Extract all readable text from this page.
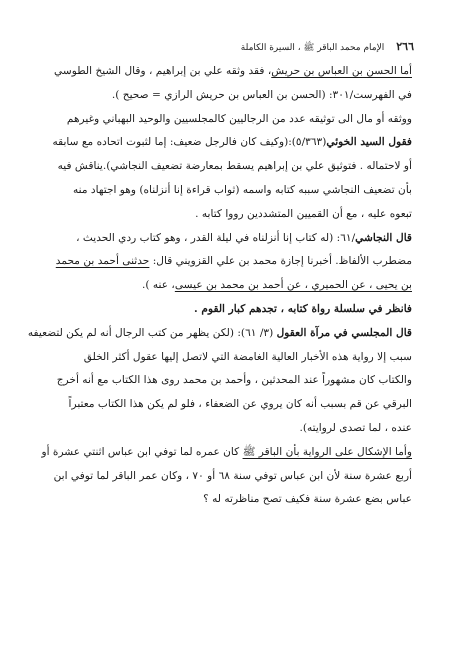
٢٦٦
الإمام محمد الباقر ﷺ ، السيرة الكاملة
أما الحسن بن العباس بن حريش، فقد وثقه علي بن إبراهيم ، وقال الشيخ الطوسي
في الفهرست/٣٠١: (الحسن بن العباس بن حريش الرازي = صحيح ).
ووثقه أو مال الى توثيقه عدد من الرجاليين كالمجلسيين والوحيد البهباني وغيرهم
فقول السيد الخوئي(٥/٣٦٣):(وكيف كان فالرجل ضعيف: إما لثبوت اتحاده مع سابقه
أو لاحتماله . فتوثيق علي بن إبراهيم يسقط بمعارضة تضعيف النجاشي).يناقش فيه
بأن تضعيف النجاشي سببه كتابه واسمه (ثواب قراءة إنا أنزلناه) وهو اجتهاد منه
تبعوه عليه ، مع أن القميين المتشددين رووا كتابه .
قال النجاشي/٦١: (له كتاب إنا أنزلناه في ليلة القدر ، وهو كتاب ردي الحديث ،
مضطرب الألفاظ. أخبرنا إجازة محمد بن علي القزويني قال: حدثنى أحمد بن محمد
بن يحيى ، عن الحميري ، عن أحمد بن محمد بن عيسى، عنه ).
فانظر في سلسلة رواة كتابه ، تجدهم كبار القوم .
قال المجلسي في مرآة العقول (٣/ ٦١): (لكن يظهر من كتب الرجال أنه لم يكن لتضعيفه
سبب إلا رواية هذه الأخبار العالية الغامضة التي لاتصل إليها عقول أكثر الخلق
والكتاب كان مشهوراً عند المحدثين ، وأحمد بن محمد روى هذا الكتاب مع أنه أخرج
البرقي عن قم بسبب أنه كان يروي عن الضعفاء ، فلو لم يكن هذا الكتاب معتبراً
عنده ، لما تصدى لروايته).
وأما الإشكال على الرواية بأن الباقر ﷺ كان عمره لما توفي ابن عباس اثنتي عشرة أو
أربع عشرة سنة لأن ابن عباس توفي سنة ٦٨ أو ٧٠ ، وكان عمر الباقر لما توفي ابن
عباس بضع عشرة سنة فكيف تصح مناظرته له ؟
